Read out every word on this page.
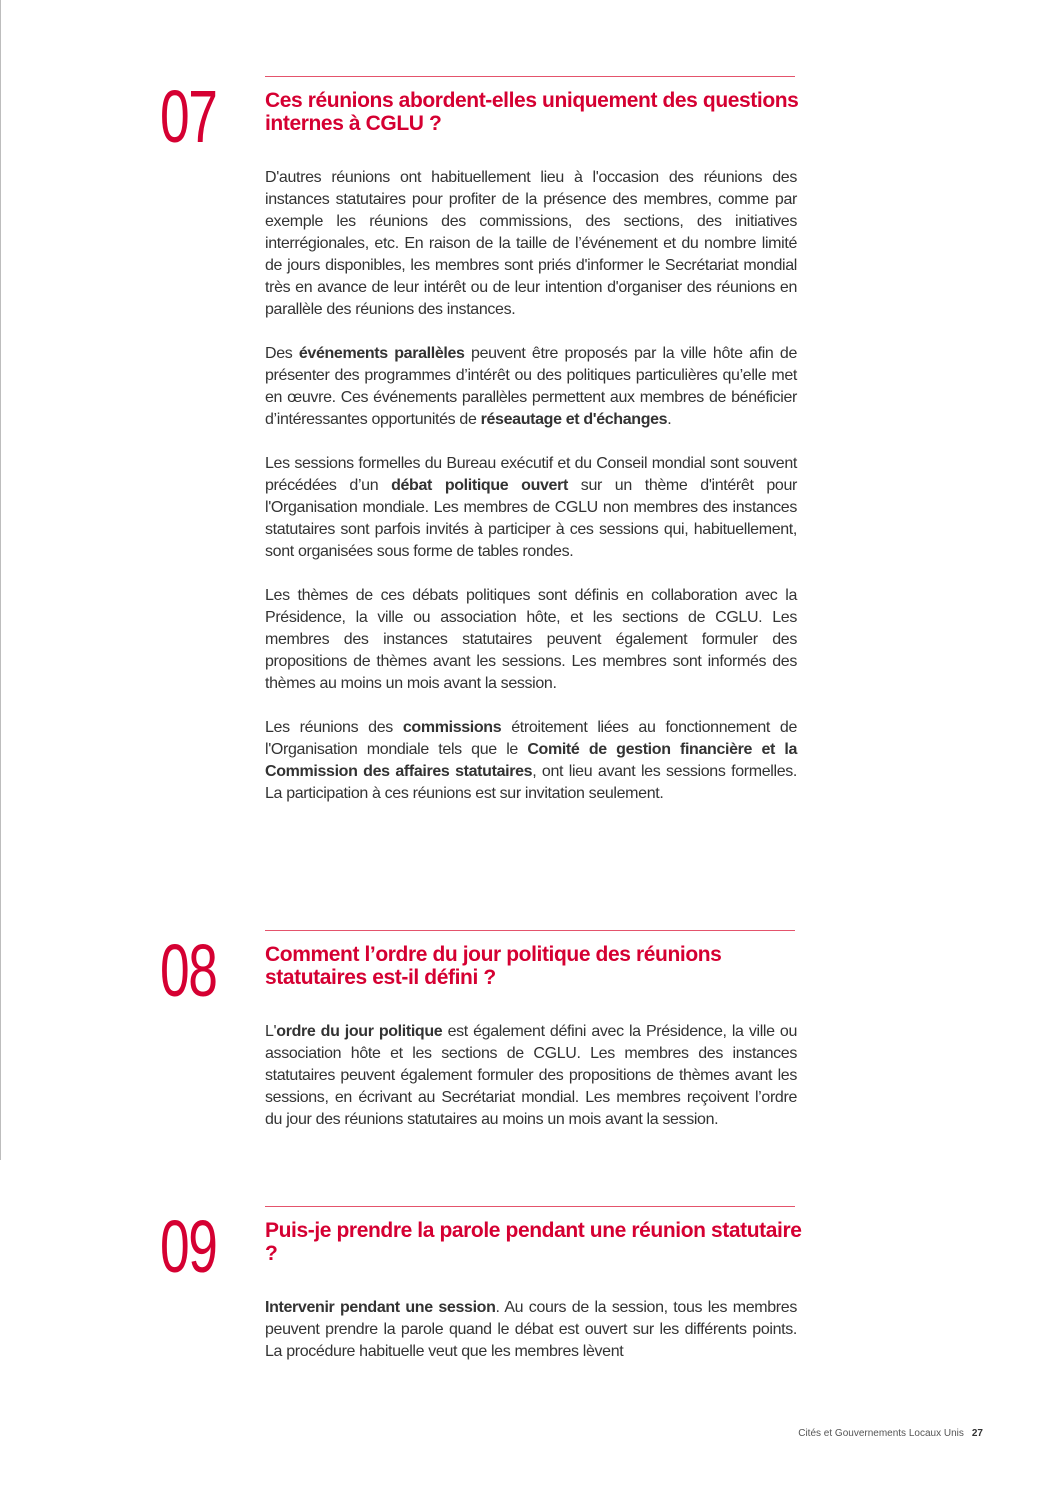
07 Ces réunions abordent-elles uniquement des questions internes à CGLU ?

D'autres réunions ont habituellement lieu à l'occasion des réunions des instances statutaires pour profiter de la présence des membres, comme par exemple les réunions des commissions, des sections, des initiatives interrégionales, etc. En raison de la taille de l’événement et du nombre limité de jours disponibles, les membres sont priés d'informer le Secrétariat mondial très en avance de leur intérêt ou de leur intention d'organiser des réunions en parallèle des réunions des instances.

Des événements parallèles peuvent être proposés par la ville hôte afin de présenter des programmes d’intérêt ou des politiques particulières qu’elle met en œuvre. Ces événements parallèles permettent aux membres de bénéficier d’intéressantes opportunités de réseautage et d'échanges.

Les sessions formelles du Bureau exécutif et du Conseil mondial sont souvent précédées d’un débat politique ouvert sur un thème d'intérêt pour l'Organisation mondiale. Les membres de CGLU non membres des instances statutaires sont parfois invités à participer à ces sessions qui, habituellement, sont organisées sous forme de tables rondes.

Les thèmes de ces débats politiques sont définis en collaboration avec la Présidence, la ville ou association hôte, et les sections de CGLU. Les membres des instances statutaires peuvent également formuler des propositions de thèmes avant les sessions. Les membres sont informés des thèmes au moins un mois avant la session.

Les réunions des commissions étroitement liées au fonctionnement de l'Organisation mondiale tels que le Comité de gestion financière et la Commission des affaires statutaires, ont lieu avant les sessions formelles. La participation à ces réunions est sur invitation seulement.

08 Comment l’ordre du jour politique des réunions statutaires est-il défini ?

L'ordre du jour politique est également défini avec la Présidence, la ville ou association hôte et les sections de CGLU. Les membres des instances statutaires peuvent également formuler des propositions de thèmes avant les sessions, en écrivant au Secrétariat mondial. Les membres reçoivent l’ordre du jour des réunions statutaires au moins un mois avant la session.

09 Puis-je prendre la parole pendant une réunion statutaire ?

Intervenir pendant une session. Au cours de la session, tous les membres peuvent prendre la parole quand le débat est ouvert sur les différents points. La procédure habituelle veut que les membres lèvent

Cités et Gouvernements Locaux Unis 27
